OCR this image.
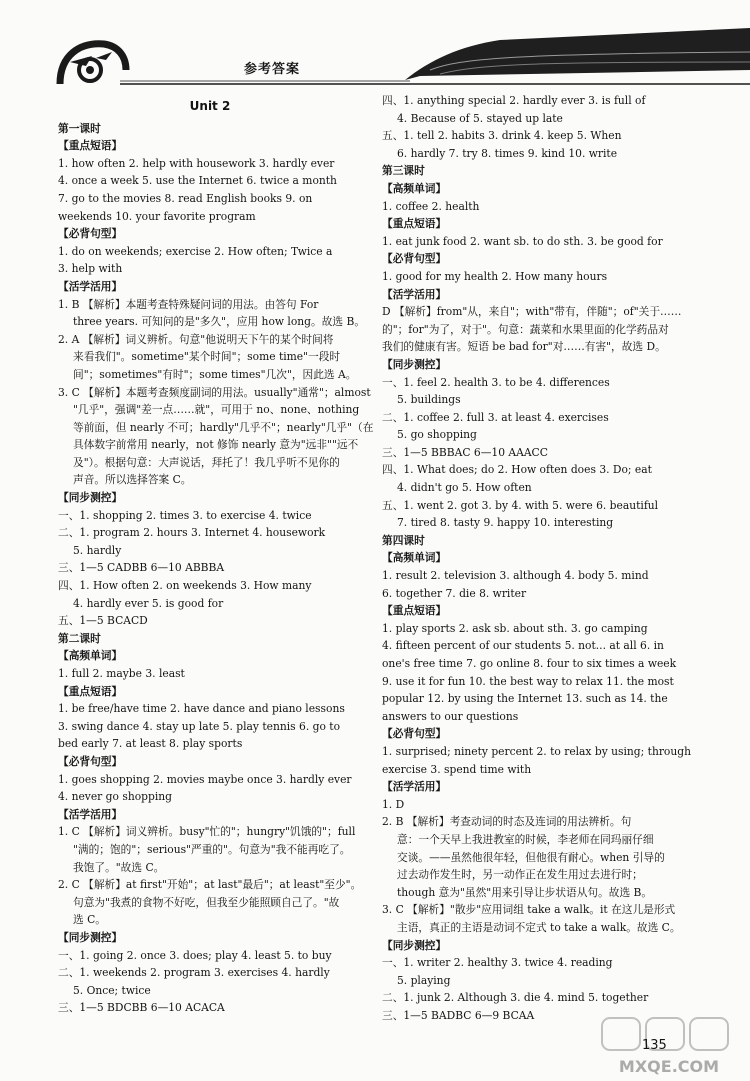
参考答案
Unit 2
第一课时
【重点短语】
1. how often 2. help with housework 3. hardly ever
4. once a week 5. use the Internet 6. twice a month
7. go to the movies 8. read English books 9. on
weekends 10. your favorite program
【必背句型】
1. do on weekends; exercise 2. How often; Twice a
3. help with
【活学活用】
1. B 【解析】本题考查特殊疑问词的用法。由答句 For
three years. 可知问的是"多久"，应用 how long。故选 B。
2. A 【解析】词义辨析。句意"他说明天下午的某个时间将
来看我们"。sometime"某个时间"；some time"一段时
间"；sometimes"有时"；some times"几次"，因此选 A。
3. C 【解析】本题考查频度副词的用法。usually"通常"；almost
"几乎"，强调"差一点……就"，可用于 no、none、nothing
等前面，但 nearly 不可；hardly"几乎不"；nearly"几乎"（在
具体数字前常用 nearly，not 修饰 nearly 意为"远非""远不
及"）。根据句意：大声说话，拜托了！我几乎听不见你的
声音。所以选择答案 C。
【同步测控】
一、1. shopping 2. times 3. to exercise 4. twice
二、1. program 2. hours 3. Internet 4. housework
5. hardly
三、1—5 CADBB 6—10 ABBBA
四、1. How often 2. on weekends 3. How many
4. hardly ever 5. is good for
五、1—5 BCACD
第二课时
【高频单词】
1. full 2. maybe 3. least
【重点短语】
1. be free/have time 2. have dance and piano lessons
3. swing dance 4. stay up late 5. play tennis 6. go to
bed early 7. at least 8. play sports
【必背句型】
1. goes shopping 2. movies maybe once 3. hardly ever
4. never go shopping
【活学活用】
1. C 【解析】词义辨析。busy"忙的"；hungry"饥饿的"；full
"满的；饱的"；serious"严重的"。句意为"我不能再吃了。
我饱了。"故选 C。
2. C 【解析】at first"开始"；at last"最后"；at least"至少"。
句意为"我煮的食物不好吃，但我至少能照顾自己了。"故
选 C。
【同步测控】
一、1. going 2. once 3. does; play 4. least 5. to buy
二、1. weekends 2. program 3. exercises 4. hardly
5. Once; twice
三、1—5 BDCBB 6—10 ACACA
四、1. anything special 2. hardly ever 3. is full of
4. Because of 5. stayed up late
五、1. tell 2. habits 3. drink 4. keep 5. When
6. hardly 7. try 8. times 9. kind 10. write
第三课时
【高频单词】
1. coffee 2. health
【重点短语】
1. eat junk food 2. want sb. to do sth. 3. be good for
【必背句型】
1. good for my health 2. How many hours
【活学活用】
D 【解析】from"从，来自"；with"带有，伴随"；of"关于……
的"；for"为了，对于"。句意：蔬菜和水果里面的化学药品对
我们的健康有害。短语 be bad for"对……有害"，故选 D。
【同步测控】
一、1. feel 2. health 3. to be 4. differences
5. buildings
二、1. coffee 2. full 3. at least 4. exercises
5. go shopping
三、1—5 BBBAC 6—10 AAACC
四、1. What does; do 2. How often does 3. Do; eat
4. didn't go 5. How often
五、1. went 2. got 3. by 4. with 5. were 6. beautiful
7. tired 8. tasty 9. happy 10. interesting
第四课时
【高频单词】
1. result 2. television 3. although 4. body 5. mind
6. together 7. die 8. writer
【重点短语】
1. play sports 2. ask sb. about sth. 3. go camping
4. fifteen percent of our students 5. not... at all 6. in
one's free time 7. go online 8. four to six times a week
9. use it for fun 10. the best way to relax 11. the most
popular 12. by using the Internet 13. such as 14. the
answers to our questions
【必背句型】
1. surprised; ninety percent 2. to relax by using; through
exercise 3. spend time with
【活学活用】
1. D
2. B 【解析】考查动词的时态及连词的用法辨析。句
意：一个天早上我进教室的时候，李老师在同玛丽仔细
交谈。——虽然他很年轻，但他很有耐心。when 引导的
过去动作发生时，另一动作正在发生用过去进行时；
though 意为"虽然"用来引导让步状语从句。故选 B。
3. C 【解析】"散步"应用词组 take a walk。it 在这儿是形式
主语，真正的主语是动词不定式 to take a walk。故选 C。
【同步测控】
一、1. writer 2. healthy 3. twice 4. reading
5. playing
二、1. junk 2. Although 3. die 4. mind 5. together
三、1—5 BADBC 6—9 BCAA
MXQE.COM
135
